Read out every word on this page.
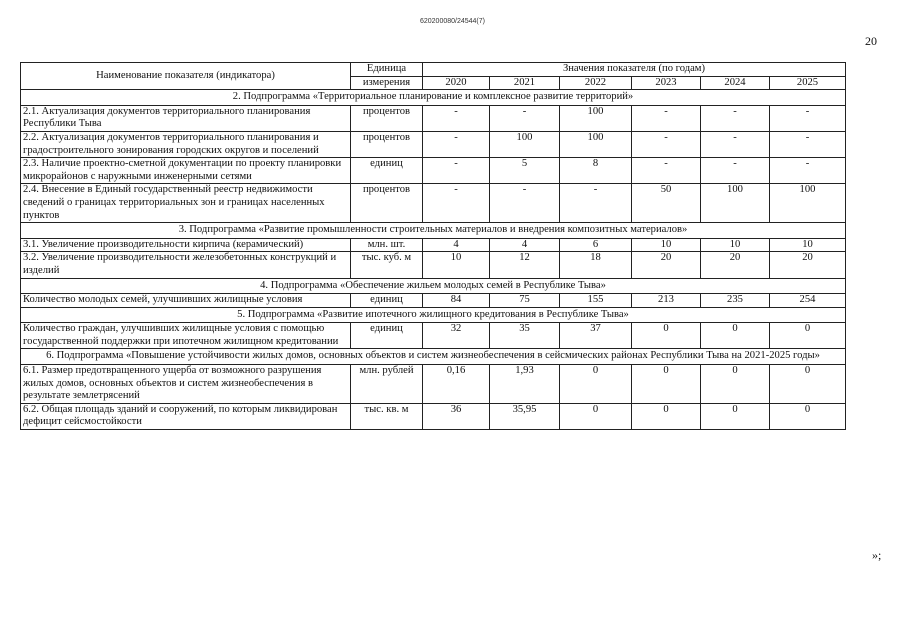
620200080/24544(7)
20
Наименование показателя (индикатора)	Единица	Значения показателя (по годам)					
	измерения	2020	2021	2022	2023	2024	2025
2. Подпрограмма «Территориальное планирование и комплексное развитие территорий»							
2.1. Актуализация документов территориального планирования Республики Тыва	процентов	-	-	100	-	-	-
2.2. Актуализация документов территориального планирования и градостроительного зонирования городских округов и поселений	процентов	-	100	100	-	-	-
2.3. Наличие проектно-сметной документации по проекту планировки микрорайонов с наружными инженерными сетями	единиц	-	5	8	-	-	-
2.4. Внесение в Единый государственный реестр недвижимости сведений о границах территориальных зон и границах населенных пунктов	процентов	-	-	-	50	100	100
3. Подпрограмма «Развитие промышленности строительных материалов и внедрения композитных материалов»							
3.1. Увеличение производительности кирпича (керамический)	млн. шт.	4	4	6	10	10	10
3.2. Увеличение производительности железобетонных конструкций и изделий	тыс. куб. м	10	12	18	20	20	20
4. Подпрограмма «Обеспечение жильем молодых семей в Республике Тыва»							
Количество молодых семей, улучшивших жилищные условия	единиц	84	75	155	213	235	254
5. Подпрограмма «Развитие ипотечного жилищного кредитования в Республике Тыва»							
Количество граждан, улучшивших жилищные условия с помощью государственной поддержки при ипотечном жилищном кредитовании	единиц	32	35	37	0	0	0
6. Подпрограмма «Повышение устойчивости жилых домов, основных объектов и систем жизнеобеспечения в сейсмических районах Республики Тыва на 2021-2025 годы»							
6.1. Размер предотвращенного ущерба от возможного разрушения жилых домов, основных объектов и систем жизнеобеспечения в результате землетрясений	млн. рублей	0,16	1,93	0	0	0	0
6.2. Общая площадь зданий и сооружений, по которым ликвидирован дефицит сейсмостойкости	тыс. кв. м	36	35,95	0	0	0	0
»;
